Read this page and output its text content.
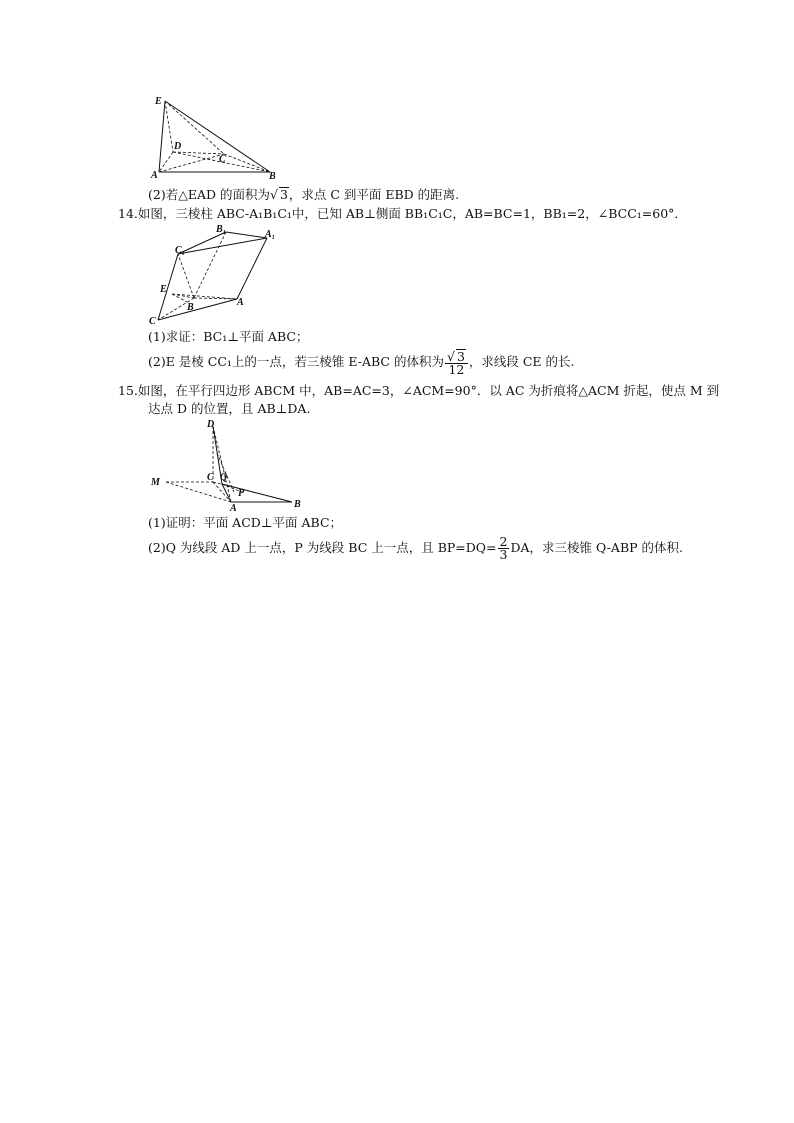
E
D
C
A	B
(2)若△EAD 的面积为√ 3，求点 C 到平面 EBD 的距离.
14.如图，三棱柱 ABC-A₁B₁C₁中，已知 AB⊥侧面 BB₁C₁C，AB=BC=1，BB₁=2，∠BCC₁=60°．
B₁	A₁
C₁
E
B	A
C
(1)求证：BC₁⊥平面 ABC；
(2)E 是棱 CC₁上的一点，若三棱锥 E-ABC 的体积为 $\frac{√ 3}{12}$ ，求线段 CE 的长.
15.如图，在平行四边形 ABCM 中，AB=AC=3，∠ACM=90°．以 AC 为折痕将△ACM 折起，使点 M 到
达点 D 的位置，且 AB⊥DA.
D
M	C Q
P
A	B
(1)证明：平面 ACD⊥平面 ABC；
(2)Q 为线段 AD 上一点，P 为线段 BC 上一点，且 $BP=DQ= \frac{2}{3}$ DA，求三棱锥 Q-ABP 的体积.
